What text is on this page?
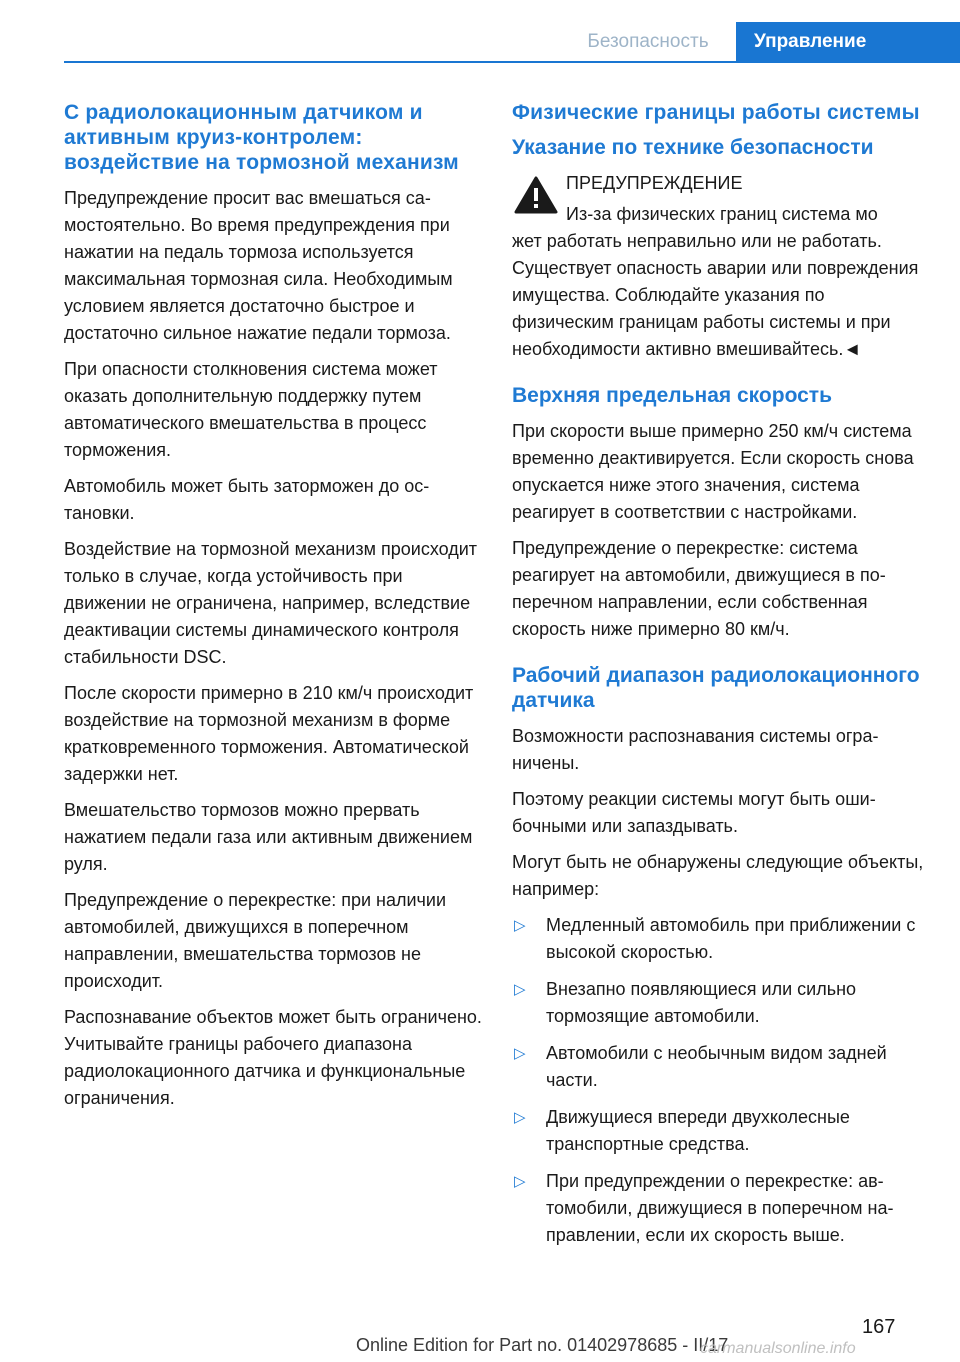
Безопасность	Управление
С радиолокационным датчиком и активным круиз-контролем: воздействие на тормозной механизм

Предупреждение просит вас вмешаться самостоятельно. Во время предупреждения при нажатии на педаль тормоза используется максимальная тормозная сила. Необходимым условием является достаточно быстрое и достаточно сильное нажатие педали тормоза.

При опасности столкновения система может оказать дополнительную поддержку путем автоматического вмешательства в процесс торможения.

Автомобиль может быть заторможен до остановки.

Воздействие на тормозной механизм происходит только в случае, когда устойчивость при движении не ограничена, например, вследствие деактивации системы динамического контроля стабильности DSC.

После скорости примерно в 210 км/ч происходит воздействие на тормозной механизм в форме кратковременного торможения. Автоматической задержки нет.

Вмешательство тормозов можно прервать нажатием педали газа или активным движением руля.

Предупреждение о перекрестке: при наличии автомобилей, движущихся в поперечном направлении, вмешательства тормозов не происходит.

Распознавание объектов может быть ограничено. Учитывайте границы рабочего диапазона радиолокационного датчика и функциональные ограничения.

Физические границы работы системы
Указание по технике безопасности

ПРЕДУПРЕЖДЕНИЕ

Из-за физических границ система мо

жет работать неправильно или не работать. Существует опасность аварии или повреждения имущества. Соблюдайте указания по физическим границам работы системы и при необходимости активно вмешивайтесь.◄

Верхняя предельная скорость

При скорости выше примерно 250 км/ч система временно деактивируется. Если скорость снова опускается ниже этого значения, система реагирует в соответствии с настройками.

Предупреждение о перекрестке: система реагирует на автомобили, движущиеся в поперечном направлении, если собственная скорость ниже примерно 80 км/ч.

Рабочий диапазон радиолокационного датчика

Возможности распознавания системы ограничены.

Поэтому реакции системы могут быть ошибочными или запаздывать.

Могут быть не обнаружены следующие объекты, например:

▷ Медленный автомобиль при приближении с высокой скоростью.
▷ Внезапно появляющиеся или сильно тормозящие автомобили.
▷ Автомобили с необычным видом задней части.
▷ Движущиеся впереди двухколесные транспортные средства.
▷ При предупреждении о перекрестке: автомобили, движущиеся в поперечном направлении, если их скорость выше.
167
Online Edition for Part no. 01402978685 - II/17
carmanualsonline.info
